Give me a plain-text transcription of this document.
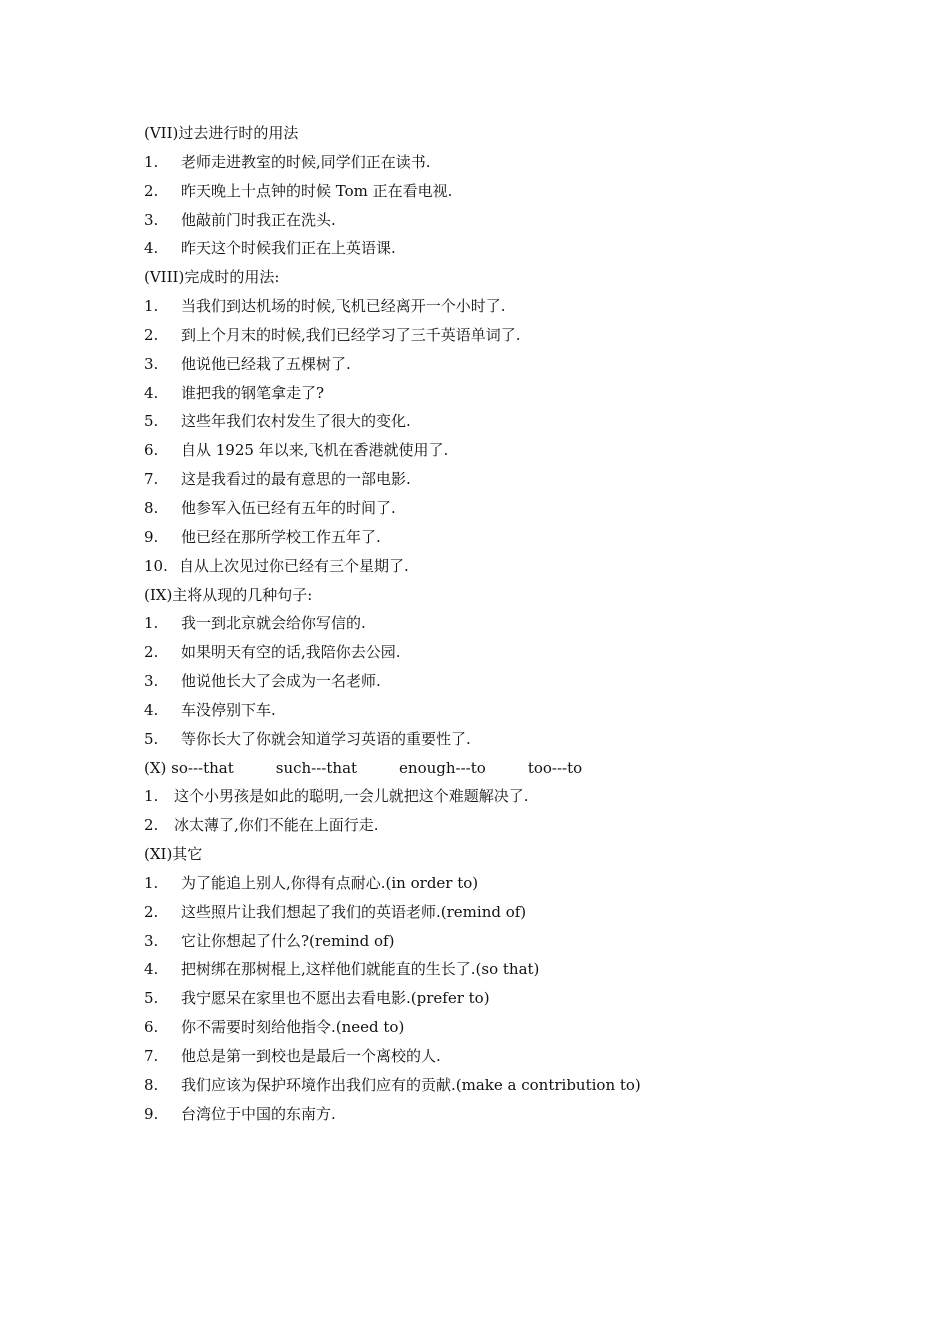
(VII)过去进行时的用法
1. 老师走进教室的时候,同学们正在读书.
2. 昨天晚上十点钟的时候 Tom 正在看电视.
3. 他敲前门时我正在洗头.
4. 昨天这个时候我们正在上英语课.
(VIII)完成时的用法:
1. 当我们到达机场的时候,飞机已经离开一个小时了.
2. 到上个月末的时候,我们已经学习了三千英语单词了.
3. 他说他已经栽了五棵树了.
4. 谁把我的钢笔拿走了?
5. 这些年我们农村发生了很大的变化.
6. 自从 1925 年以来,飞机在香港就使用了.
7. 这是我看过的最有意思的一部电影.
8. 他参军入伍已经有五年的时间了.
9. 他已经在那所学校工作五年了.
10. 自从上次见过你已经有三个星期了.
(IX)主将从现的几种句子:
1. 我一到北京就会给你写信的.
2. 如果明天有空的话,我陪你去公园.
3. 他说他长大了会成为一名老师.
4. 车没停别下车.
5. 等你长大了你就会知道学习英语的重要性了.
(X) so---that	such---that	enough---to	too---to
1. 这个小男孩是如此的聪明,一会儿就把这个难题解决了.
2. 冰太薄了,你们不能在上面行走.
(XI)其它
1. 为了能追上别人,你得有点耐心.(in order to)
2. 这些照片让我们想起了我们的英语老师.(remind of)
3. 它让你想起了什么?(remind of)
4. 把树绑在那树棍上,这样他们就能直的生长了.(so that)
5. 我宁愿呆在家里也不愿出去看电影.(prefer to)
6. 你不需要时刻给他指令.(need to)
7. 他总是第一到校也是最后一个离校的人.
8. 我们应该为保护环境作出我们应有的贡献.(make a contribution to)
9. 台湾位于中国的东南方.
